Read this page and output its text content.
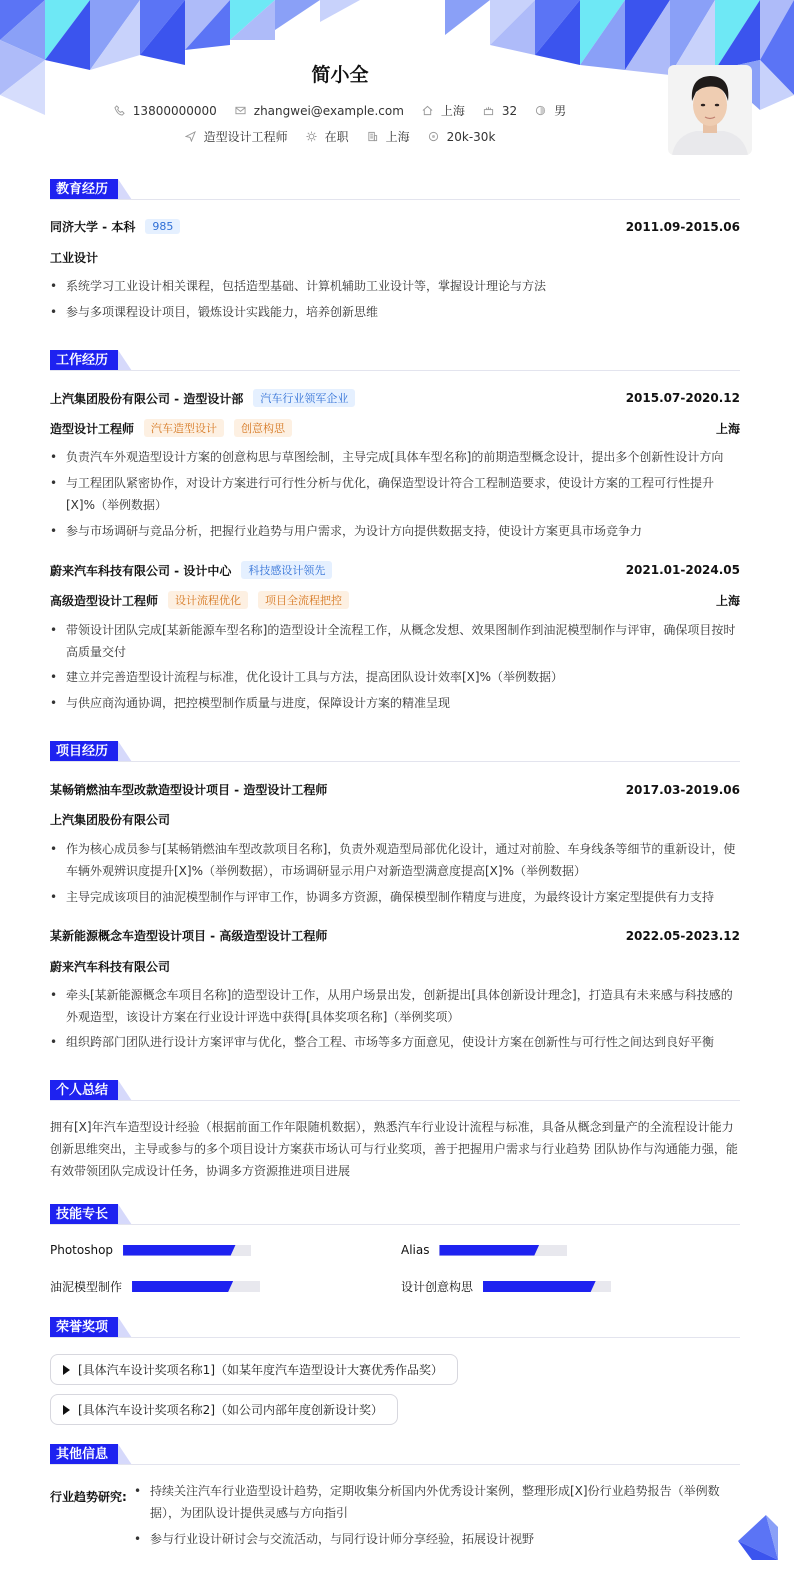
简小全
13800000000	zhangwei@example.com	上海	32	男
造型设计工程师	在职	上海	20k-30k
教育经历
同济大学 - 本科	985	2011.09-2015.06
工业设计
• 系统学习工业设计相关课程，包括造型基础、计算机辅助工业设计等，掌握设计理论与方法
• 参与多项课程设计项目，锻炼设计实践能力，培养创新思维
工作经历
上汽集团股份有限公司 - 造型设计部	汽车行业领军企业	2015.07-2020.12
造型设计工程师	汽车造型设计	创意构思	上海
• 负责汽车外观造型设计方案的创意构思与草图绘制，主导完成[具体车型名称]的前期造型概念设计，提出多个创新性设计方向
• 与工程团队紧密协作，对设计方案进行可行性分析与优化，确保造型设计符合工程制造要求，使设计方案的工程可行性提升[X]%（举例数据）
• 参与市场调研与竞品分析，把握行业趋势与用户需求，为设计方向提供数据支持，使设计方案更具市场竞争力
蔚来汽车科技有限公司 - 设计中心	科技感设计领先	2021.01-2024.05
高级造型设计工程师	设计流程优化	项目全流程把控	上海
• 带领设计团队完成[某新能源车型名称]的造型设计全流程工作，从概念发想、效果图制作到油泥模型制作与评审，确保项目按时高质量交付
• 建立并完善造型设计流程与标准，优化设计工具与方法，提高团队设计效率[X]%（举例数据）
• 与供应商沟通协调，把控模型制作质量与进度，保障设计方案的精准呈现
项目经历
某畅销燃油车型改款造型设计项目 - 造型设计工程师	2017.03-2019.06
上汽集团股份有限公司
• 作为核心成员参与[某畅销燃油车型改款项目名称]，负责外观造型局部优化设计，通过对前脸、车身线条等细节的重新设计，使车辆外观辨识度提升[X]%（举例数据），市场调研显示用户对新造型满意度提高[X]%（举例数据）
• 主导完成该项目的油泥模型制作与评审工作，协调多方资源，确保模型制作精度与进度，为最终设计方案定型提供有力支持
某新能源概念车造型设计项目 - 高级造型设计工程师	2022.05-2023.12
蔚来汽车科技有限公司
• 牵头[某新能源概念车项目名称]的造型设计工作，从用户场景出发，创新提出[具体创新设计理念]，打造具有未来感与科技感的外观造型，该设计方案在行业设计评选中获得[具体奖项名称]（举例奖项）
• 组织跨部门团队进行设计方案评审与优化，整合工程、市场等多方面意见，使设计方案在创新性与可行性之间达到良好平衡
个人总结
拥有[X]年汽车造型设计经验（根据前面工作年限随机数据），熟悉汽车行业设计流程与标准，具备从概念到量产的全流程设计能力 创新思维突出，主导或参与的多个项目设计方案获市场认可与行业奖项，善于把握用户需求与行业趋势 团队协作与沟通能力强，能有效带领团队完成设计任务，协调多方资源推进项目进展
技能专长
Photoshop	Alias
油泥模型制作	设计创意构思
荣誉奖项
[具体汽车设计奖项名称1]（如某年度汽车造型设计大赛优秀作品奖）
[具体汽车设计奖项名称2]（如公司内部年度创新设计奖）
其他信息
行业趋势研究:
•	持续关注汽车行业造型设计趋势，定期收集分析国内外优秀设计案例，整理形成[X]份行业趋势报告（举例数据），为团队设计提供灵感与方向指引
• 参与行业设计研讨会与交流活动，与同行设计师分享经验，拓展设计视野
